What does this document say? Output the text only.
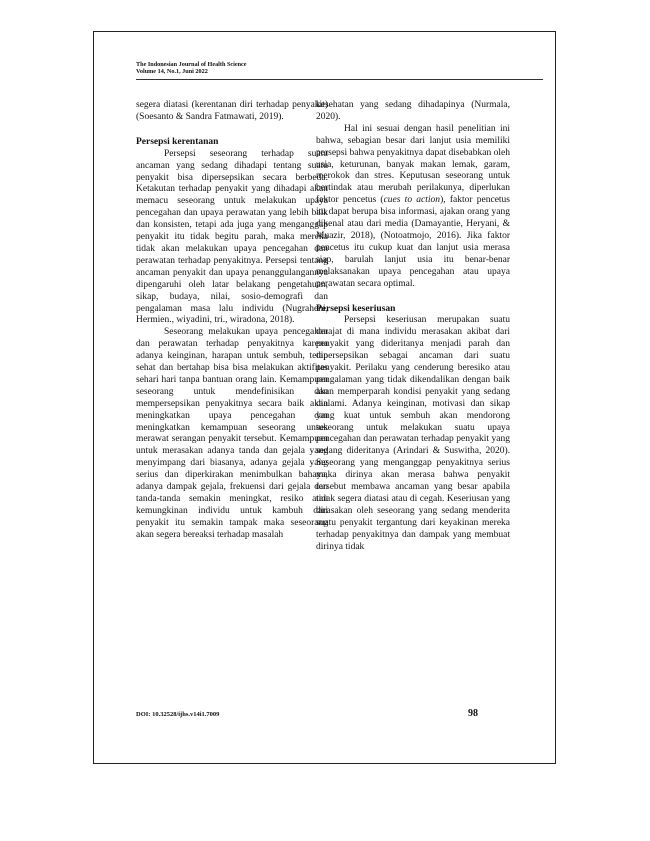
The Indonesian Journal of Health Science
Volume 14, No.1, Juni 2022

segera diatasi (kerentanan diri terhadap penyakit) (Soesanto & Sandra Fatmawati, 2019).

Persepsi kerentanan

Persepsi seseorang terhadap suatu ancaman yang sedang dihadapi tentang suatu penyakit bisa dipersepsikan secara berbeda. Ketakutan terhadap penyakit yang dihadapi akan memacu seseorang untuk melakukan upaya pencegahan dan upaya perawatan yang lebih baik dan konsisten, tetapi ada juga yang menganggap penyakit itu tidak begitu parah, maka mereka tidak akan melakukan upaya pencegahan dan perawatan terhadap penyakitnya. Persepsi tentang ancaman penyakit dan upaya penanggulangannya dipengaruhi oleh latar belakang pengetahuan, sikap, budaya, nilai, sosio-demografi dan pengalaman masa lalu individu (Nugraheni, Hermien., wiyadini, tri., wiradona, 2018).

Seseorang melakukan upaya pencegahan dan perawatan terhadap penyakitnya karena adanya keinginan, harapan untuk sembuh, tetap sehat dan bertahap bisa bisa melakukan aktifitas sehari hari tanpa bantuan orang lain. Kemampuan seseorang untuk mendefinisikan dan mempersepsikan penyakitnya secara baik akan meningkatkan upaya pencegahan dan meningkatkan kemampuan seseorang untuk merawat serangan penyakit tersebut. Kemampuan untuk merasakan adanya tanda dan gejala yang menyimpang dari biasanya, adanya gejala yang serius dan diperkirakan menimbulkan bahaya, adanya dampak gejala, frekuensi dari gejala dan tanda-tanda semakin meningkat, resiko atau kemungkinan individu untuk kambuh dari penyakit itu semakin tampak maka seseorang akan segera bereaksi terhadap masalah

kesehatan yang sedang dihadapinya (Nurmala, 2020).

Hal ini sesuai dengan hasil penelitian ini bahwa, sebagian besar dari lanjut usia memiliki persepsi bahwa penyakitnya dapat disebabkan oleh usia, keturunan, banyak makan lemak, garam, merokok dan stres. Keputusan seseorang untuk bertindak atau merubah perilakunya, diperlukan faktor pencetus (cues to action), faktor pencetus itu dapat berupa bisa informasi, ajakan orang yang dikenal atau dari media (Damayantie, Heryani, & Muazir, 2018), (Notoatmojo, 2016). Jika faktor pencetus itu cukup kuat dan lanjut usia merasa siap, barulah lanjut usia itu benar-benar melaksanakan upaya pencegahan atau upaya perawatan secara optimal.

Persepsi keseriusan

Persepsi keseriusan merupakan suatu derajat di mana individu merasakan akibat dari penyakit yang dideritanya menjadi parah dan dipersepsikan sebagai ancaman dari suatu penyakit. Perilaku yang cenderung beresiko atau pengalaman yang tidak dikendalikan dengan baik akan memperparah kondisi penyakit yang sedang dialami. Adanya keinginan, motivasi dan sikap yang kuat untuk sembuh akan mendorong seseorang untuk melakukan suatu upaya pencegahan dan perawatan terhadap penyakit yang sedang dideritanya (Arindari & Suswitha, 2020). Seseorang yang menganggap penyakitnya serius maka dirinya akan merasa bahwa penyakit tersebut membawa ancaman yang besar apabila tidak segera diatasi atau di cegah. Keseriusan yang dirasakan oleh seseorang yang sedang menderita suatu penyakit tergantung dari keyakinan mereka terhadap penyakitnya dan dampak yang membuat dirinya tidak

DOI: 10.32528/ijhs.v14i1.7009	98
